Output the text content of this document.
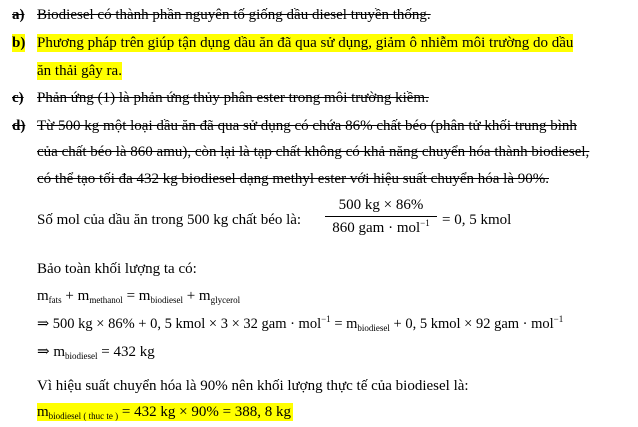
a) Biodiesel có thành phần nguyên tố giống dầu diesel truyền thống.
b) Phương pháp trên giúp tận dụng dầu ăn đã qua sử dụng, giảm ô nhiễm môi trường do dầu
ăn thải gây ra.
c) Phản ứng (1) là phản ứng thủy phân ester trong môi trường kiềm.
d) Từ 500 kg một loại dầu ăn đã qua sử dụng có chứa 86% chất béo (phân tử khối trung bình
của chất béo là 860 amu), còn lại là tạp chất không có khả năng chuyển hóa thành biodiesel,
có thể tạo tối đa 432 kg biodiesel dạng methyl ester với hiệu suất chuyển hóa là 90%.
Số mol của dầu ăn trong 500 kg chất béo là:
500 kg × 86%
860 gam · mol$^{-1}$ = 0, 5 kmol
Bảo toàn khối lượng ta có:
$m_{fats} + m_{methanol} = m_{biodiesel} + m_{glycerol}$
⇒ 500 kg × 86% + 0, 5 kmol × 3 × 32 gam · $mol^{-1} = m_{biodiesel} + 0$, 5 kmol × 92 gam · mol$^{-1}$
⇒ $m_{biodiesel} = 432$ kg
Vì hiệu suất chuyển hóa là 90% nên khối lượng thực tế của biodiesel là:
$m_{biodiesel ( thuc te )} = 432$ kg × 90% = 388, 8 kg
